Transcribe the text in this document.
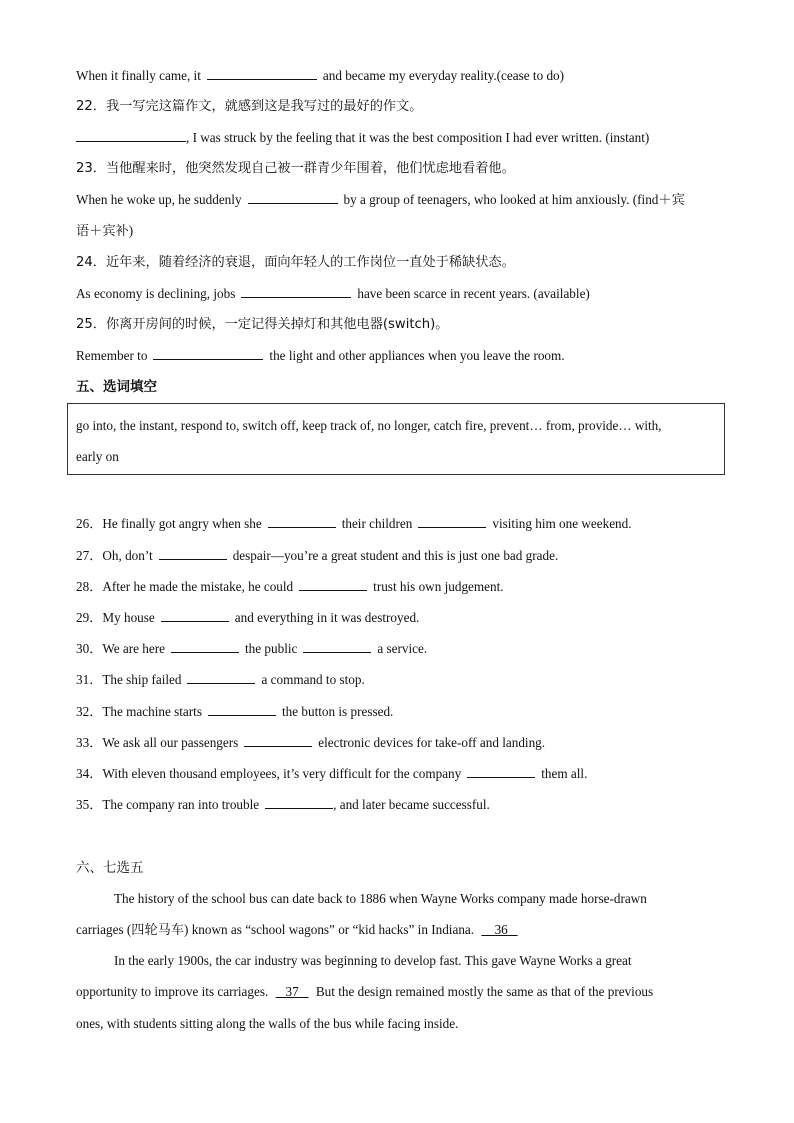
When it finally came, it	and became my everyday reality.(cease to do)
22．我一写完这篇作文，就感到这是我写过的最好的作文。
, I was struck by the feeling that it was the best composition I had ever written. (instant)
23．当他醒来时，他突然发现自己被一群青少年围着，他们忧虑地看着他。
When he woke up, he suddenly	by a group of teenagers, who looked at him anxiously. (find＋宾
语＋宾补)
24．近年来，随着经济的衰退，面向年轻人的工作岗位一直处于稀缺状态。
As economy is declining, jobs	have been scarce in recent years. (available)
25．你离开房间的时候，一定记得关掉灯和其他电器(switch)。
Remember to	the light and other appliances when you leave the room.
五、选词填空
go into, the instant, respond to, switch off, keep track of, no longer, catch fire, prevent… from, provide… with,
early on
26．He finally got angry when she	their children	visiting him one weekend.
27．Oh, don’t	despair—you’re a great student and this is just one bad grade.
28．After he made the mistake, he could	trust his own judgement.
29．My house	and everything in it was destroyed.
30．We are here	the public	a service.
31．The ship failed	a command to stop.
32．The machine starts	the button is pressed.
33．We ask all our passengers	electronic devices for take-off and landing.
34．With eleven thousand employees, it’s very difficult for the company	them all.
35．The company ran into trouble	, and later became successful.
六、七选五
The history of the school bus can date back to 1886 when Wayne Works company made horse-drawn
carriages (四轮马车) known as “school wagons” or “kid hacks” in Indiana. 36
In the early 1900s, the car industry was beginning to develop fast. This gave Wayne Works a great
opportunity to improve its carriages. 37 But the design remained mostly the same as that of the previous
ones, with students sitting along the walls of the bus while facing inside.
